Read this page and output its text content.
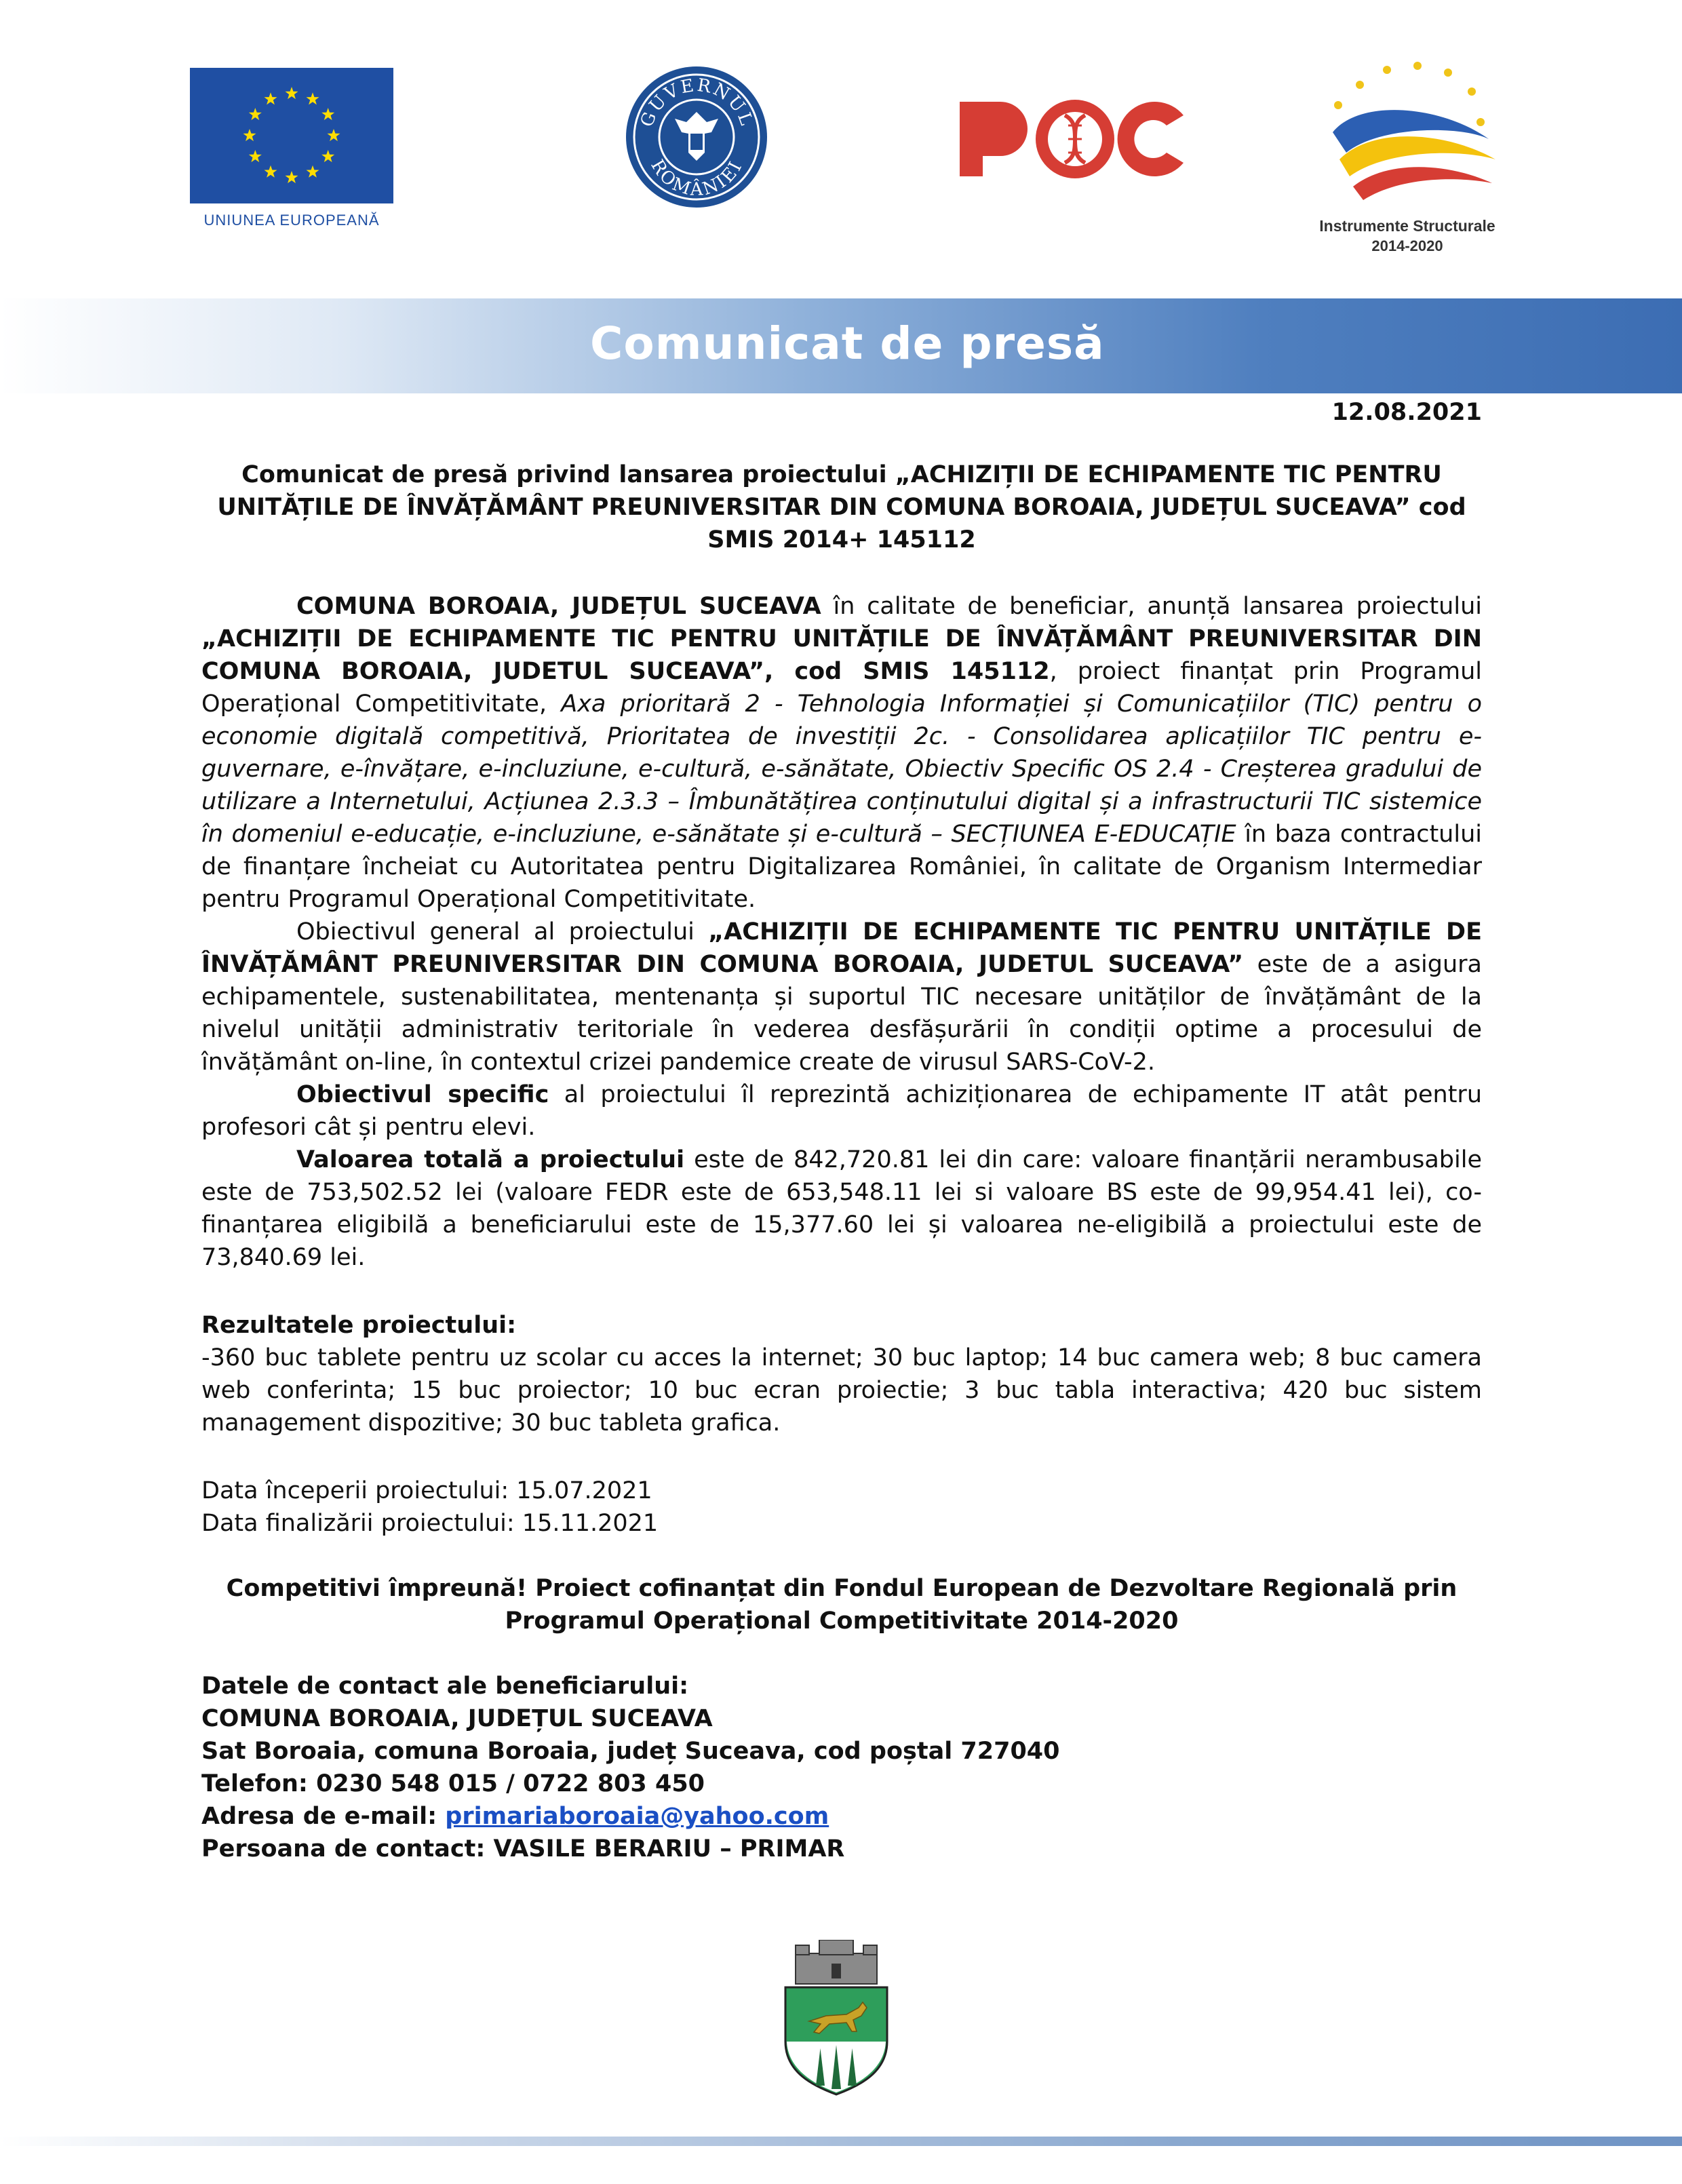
UNIUNEA EUROPEANĂ
GUVERNUL
ROMÂNIEI
Instrumente Structurale
2014-2020
Comunicat de presă
12.08.2021
Comunicat de presă privind lansarea proiectului „ACHIZIȚII DE ECHIPAMENTE TIC PENTRU UNITĂȚILE DE ÎNVĂȚĂMÂNT PREUNIVERSITAR DIN COMUNA BOROAIA, JUDEȚUL SUCEAVA” cod SMIS 2014+ 145112

COMUNA BOROAIA, JUDEȚUL SUCEAVA în calitate de beneficiar, anunță lansarea proiectului „ACHIZIȚII DE ECHIPAMENTE TIC PENTRU UNITĂȚILE DE ÎNVĂȚĂMÂNT PREUNIVERSITAR DIN COMUNA BOROAIA, JUDETUL SUCEAVA”, cod SMIS 145112, proiect finanțat prin Programul Operațional Competitivitate, Axa prioritară 2 - Tehnologia Informației și Comunicațiilor (TIC) pentru o economie digitală competitivă, Prioritatea de investiții 2c. - Consolidarea aplicațiilor TIC pentru e-guvernare, e-învățare, e-incluziune, e-cultură, e-sănătate, Obiectiv Specific OS 2.4 - Creșterea gradului de utilizare a Internetului, Acțiunea 2.3.3 – Îmbunătățirea conținutului digital și a infrastructurii TIC sistemice în domeniul e-educație, e-incluziune, e-sănătate și e-cultură – SECȚIUNEA E-EDUCAȚIE în baza contractului de finanțare încheiat cu Autoritatea pentru Digitalizarea României, în calitate de Organism Intermediar pentru Programul Operațional Competitivitate.

Obiectivul general al proiectului „ACHIZIȚII DE ECHIPAMENTE TIC PENTRU UNITĂȚILE DE ÎNVĂȚĂMÂNT PREUNIVERSITAR DIN COMUNA BOROAIA, JUDETUL SUCEAVA” este de a asigura echipamentele, sustenabilitatea, mentenanța și suportul TIC necesare unităților de învățământ de la nivelul unității administrativ teritoriale în vederea desfășurării în condiții optime a procesului de învățământ on-line, în contextul crizei pandemice create de virusul SARS-CoV-2.

Obiectivul specific al proiectului îl reprezintă achiziționarea de echipamente IT atât pentru profesori cât și pentru elevi.

Valoarea totală a proiectului este de 842,720.81 lei din care: valoare finanțării nerambusabile este de 753,502.52 lei (valoare FEDR este de 653,548.11 lei si valoare BS este de 99,954.41 lei), co-finanțarea eligibilă a beneficiarului este de 15,377.60 lei și valoarea ne-eligibilă a proiectului este de 73,840.69 lei.

Rezultatele proiectului:
-360 buc tablete pentru uz scolar cu acces la internet; 30 buc laptop; 14 buc camera web; 8 buc camera web conferinta; 15 buc proiector; 10 buc ecran proiectie; 3 buc tabla interactiva; 420 buc sistem management dispozitive; 30 buc tableta grafica.
Data începerii proiectului: 15.07.2021
Data finalizării proiectului: 15.11.2021
Competitivi împreună! Proiect cofinanțat din Fondul European de Dezvoltare Regională prin Programul Operațional Competitivitate 2014-2020
Datele de contact ale beneficiarului:
COMUNA BOROAIA, JUDEȚUL SUCEAVA
Sat Boroaia, comuna Boroaia, județ Suceava, cod poștal 727040
Telefon: 0230 548 015 / 0722 803 450
Adresa de e-mail: primariaboroaia@yahoo.com
Persoana de contact: VASILE BERARIU – PRIMAR
